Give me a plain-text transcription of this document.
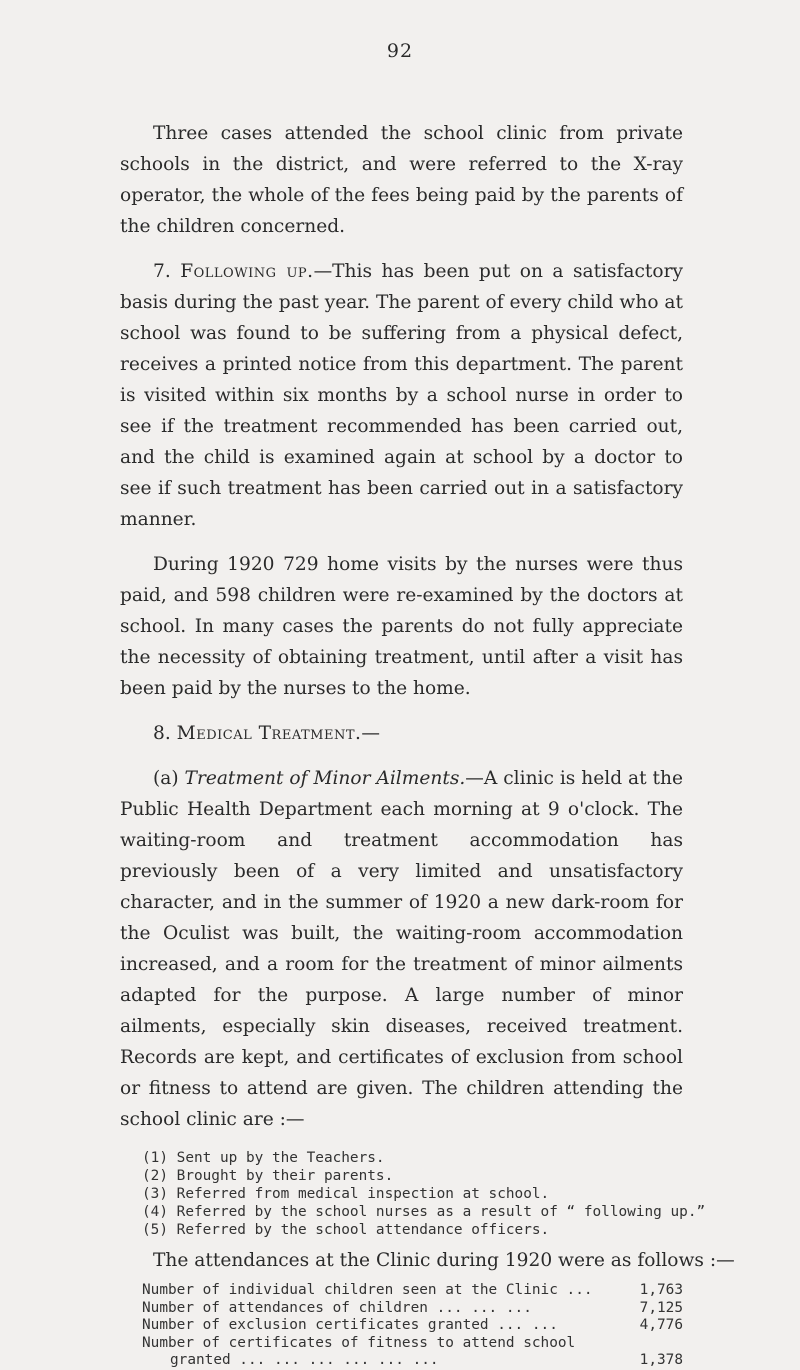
92

Three cases attended the school clinic from private schools in the district, and were referred to the X-ray operator, the whole of the fees being paid by the parents of the children concerned.

7. Following up.—This has been put on a satisfactory basis during the past year. The parent of every child who at school was found to be suffering from a physical defect, receives a printed notice from this department. The parent is visited within six months by a school nurse in order to see if the treatment recommended has been carried out, and the child is examined again at school by a doctor to see if such treatment has been carried out in a satisfactory manner.

During 1920 729 home visits by the nurses were thus paid, and 598 children were re-examined by the doctors at school. In many cases the parents do not fully appreciate the necessity of obtaining treatment, until after a visit has been paid by the nurses to the home.

8. Medical Treatment.—

(a) Treatment of Minor Ailments.—A clinic is held at the Public Health Department each morning at 9 o'clock. The waiting-room and treatment accommodation has previously been of a very limited and unsatisfactory character, and in the summer of 1920 a new dark-room for the Oculist was built, the waiting-room accommodation increased, and a room for the treatment of minor ailments adapted for the purpose. A large number of minor ailments, especially skin diseases, received treatment. Records are kept, and certificates of exclusion from school or fitness to attend are given. The children attending the school clinic are :—

(1) Sent up by the Teachers.
(2) Brought by their parents.
(3) Referred from medical inspection at school.
(4) Referred by the school nurses as a result of “ following up.”
(5) Referred by the school attendance officers.

The attendances at the Clinic during 1920 were as follows :—

Number of individual children seen at the Clinic ...	1,763
Number of attendances of children ... ... ...	7,125
Number of exclusion certificates granted ... ...	4,776
Number of certificates of fitness to attend school
granted ... ... ... ... ... ...	1,378
